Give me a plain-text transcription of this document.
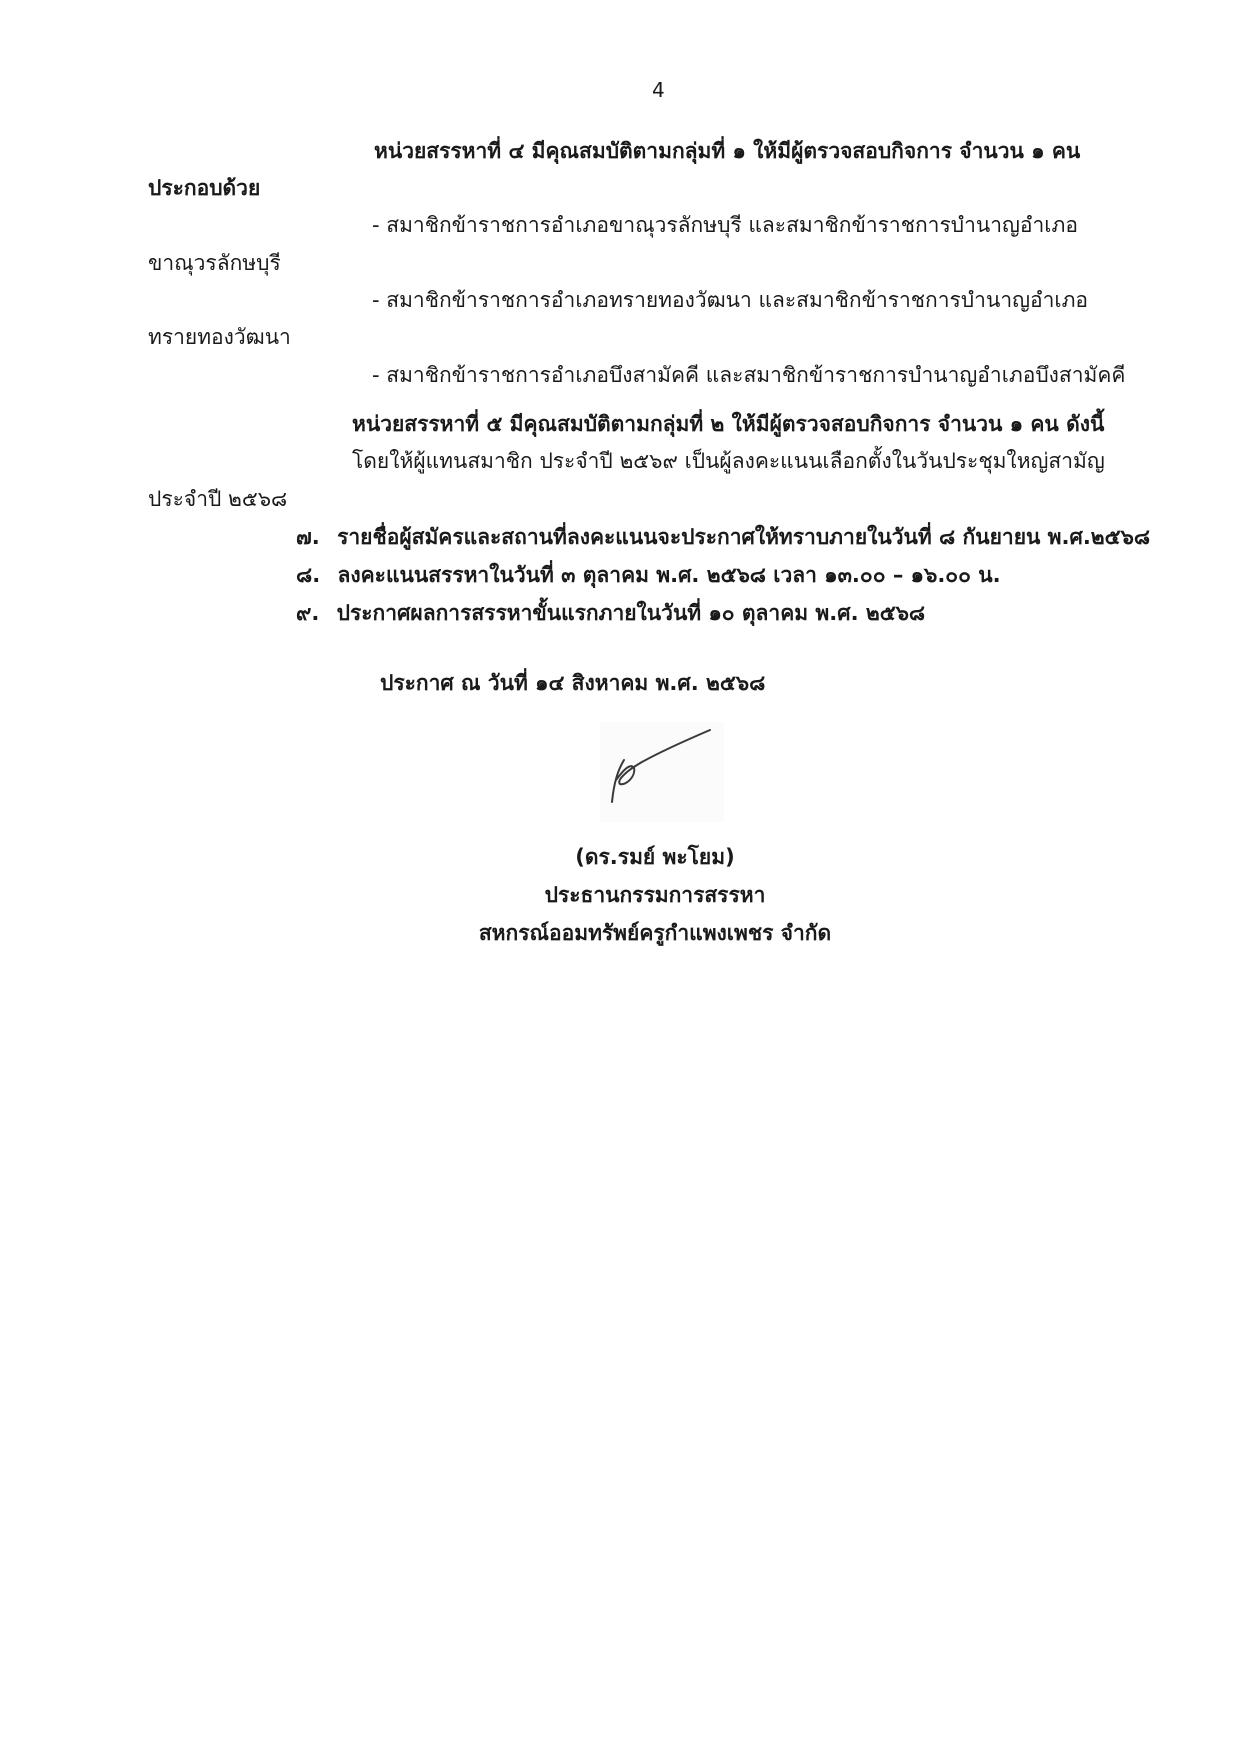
4
หน่วยสรรหาที่ ๔ มีคุณสมบัติตามกลุ่มที่ ๑ ให้มีผู้ตรวจสอบกิจการ จำนวน ๑ คน
ประกอบด้วย
- สมาชิกข้าราชการอำเภอขาณุวรลักษบุรี และสมาชิกข้าราชการบำนาญอำเภอ
ขาณุวรลักษบุรี
- สมาชิกข้าราชการอำเภอทรายทองวัฒนา และสมาชิกข้าราชการบำนาญอำเภอ
ทรายทองวัฒนา
- สมาชิกข้าราชการอำเภอบึงสามัคคี และสมาชิกข้าราชการบำนาญอำเภอบึงสามัคคี
หน่วยสรรหาที่ ๕ มีคุณสมบัติตามกลุ่มที่ ๒ ให้มีผู้ตรวจสอบกิจการ จำนวน ๑ คน ดังนี้
โดยให้ผู้แทนสมาชิก ประจำปี ๒๕๖๙ เป็นผู้ลงคะแนนเลือกตั้งในวันประชุมใหญ่สามัญ
ประจำปี ๒๕๖๘
๗. รายชื่อผู้สมัครและสถานที่ลงคะแนนจะประกาศให้ทราบภายในวันที่ ๘ กันยายน พ.ศ.๒๕๖๘
๘. ลงคะแนนสรรหาในวันที่ ๓ ตุลาคม พ.ศ. ๒๕๖๘ เวลา ๑๓.๐๐ – ๑๖.๐๐ น.
๙. ประกาศผลการสรรหาขั้นแรกภายในวันที่ ๑๐ ตุลาคม พ.ศ. ๒๕๖๘
ประกาศ ณ วันที่ ๑๔ สิงหาคม พ.ศ. ๒๕๖๘
(ดร.รมย์ พะโยม)
ประธานกรรมการสรรหา
สหกรณ์ออมทรัพย์ครูกำแพงเพชร จำกัด
